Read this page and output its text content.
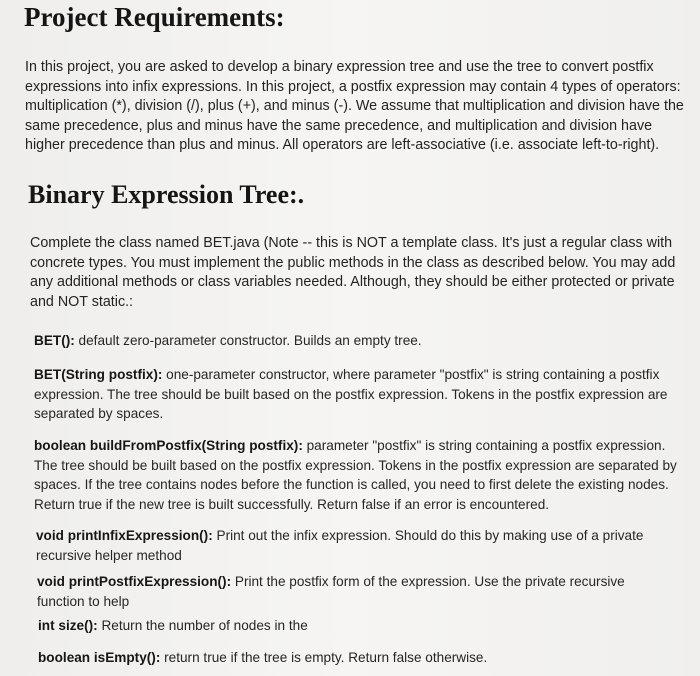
Project Requirements:

In this project, you are asked to develop a binary expression tree and use the tree to convert postfix expressions into infix expressions. In this project, a postfix expression may contain 4 types of operators: multiplication (*), division (/), plus (+), and minus (-). We assume that multiplication and division have the same precedence, plus and minus have the same precedence, and multiplication and division have higher precedence than plus and minus. All operators are left-associative (i.e. associate left-to-right).

Binary Expression Tree:.

Complete the class named BET.java (Note -- this is NOT a template class. It's just a regular class with concrete types. You must implement the public methods in the class as described below. You may add any additional methods or class variables needed. Although, they should be either protected or private and NOT static.:

BET(): default zero-parameter constructor. Builds an empty tree.

BET(String postfix): one-parameter constructor, where parameter "postfix" is string containing a postfix expression. The tree should be built based on the postfix expression. Tokens in the postfix expression are separated by spaces.

boolean buildFromPostfix(String postfix): parameter "postfix" is string containing a postfix expression. The tree should be built based on the postfix expression. Tokens in the postfix expression are separated by spaces. If the tree contains nodes before the function is called, you need to first delete the existing nodes. Return true if the new tree is built successfully. Return false if an error is encountered.

void printInfixExpression(): Print out the infix expression. Should do this by making use of a private recursive helper method

void printPostfixExpression(): Print the postfix form of the expression. Use the private recursive function to help

int size(): Return the number of nodes in the

boolean isEmpty(): return true if the tree is empty. Return false otherwise.
